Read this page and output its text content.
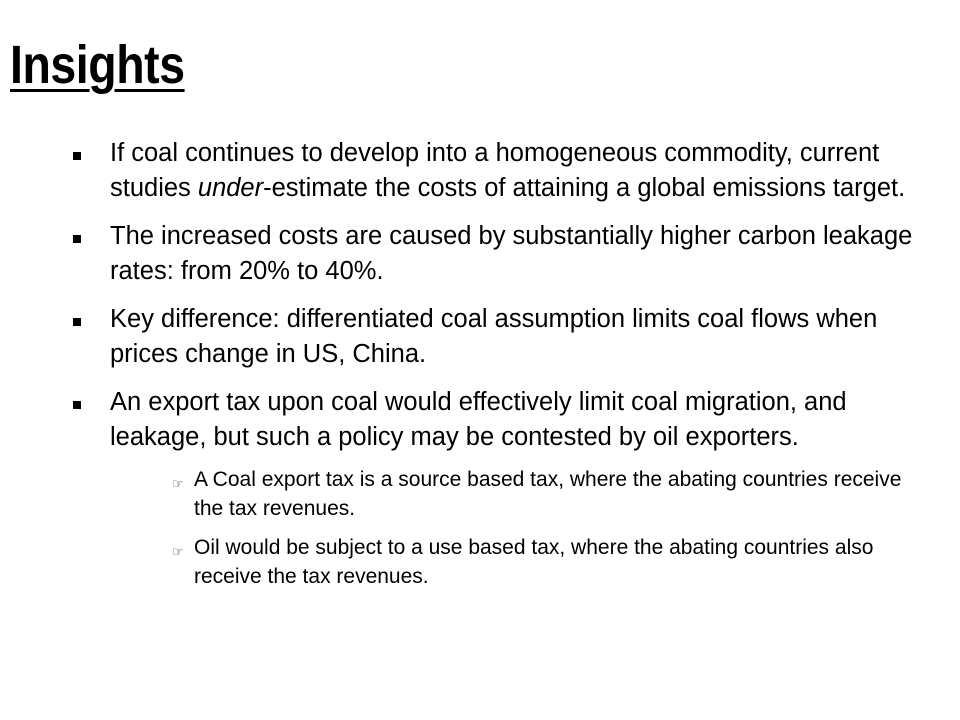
Insights
If coal continues to develop into a homogeneous commodity, current studies under-estimate the costs of attaining a global emissions target.
The increased costs are caused by substantially higher carbon leakage rates: from 20% to 40%.
Key difference: differentiated coal assumption limits coal flows when prices change in US, China.
An export tax upon coal would effectively limit coal migration, and leakage, but such a policy may be contested by oil exporters.
☞ A Coal export tax is a source based tax, where the abating countries receive the tax revenues.
☞ Oil would be subject to a use based tax, where the abating countries also receive the tax revenues.
